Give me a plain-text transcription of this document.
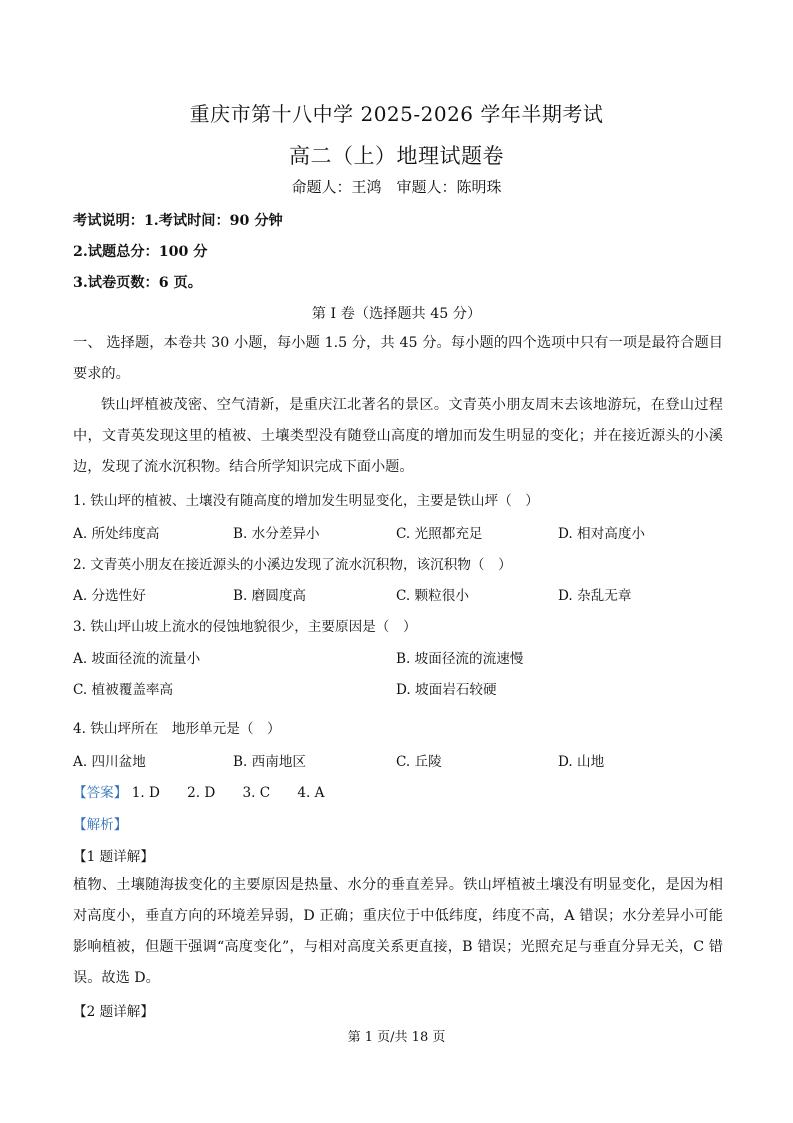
重庆市第十八中学 2025-2026 学年半期考试
高二（上）地理试题卷
命题人：王鸿　审题人：陈明珠
考试说明：1.考试时间：90 分钟
2.试题总分：100 分
3.试卷页数：6 页。
第 I 卷（选择题共 45 分）
一、 选择题，本卷共 30 小题，每小题 1.5 分，共 45 分。每小题的四个选项中只有一项是最符合题目要求的。
铁山坪植被茂密、空气清新，是重庆江北著名的景区。文青英小朋友周末去该地游玩，在登山过程中，文青英发现这里的植被、土壤类型没有随登山高度的增加而发生明显的变化；并在接近源头的小溪边，发现了流水沉积物。结合所学知识完成下面小题。
1. 铁山坪的植被、土壤没有随高度的增加发生明显变化，主要是铁山坪（　）
A. 所处纬度高	B. 水分差异小	C. 光照都充足	D. 相对高度小
2. 文青英小朋友在接近源头的小溪边发现了流水沉积物，该沉积物（　）
A. 分选性好	B. 磨圆度高	C. 颗粒很小	D. 杂乱无章
3. 铁山坪山坡上流水的侵蚀地貌很少，主要原因是（　）
A. 坡面径流的流量小	B. 坡面径流的流速慢
C. 植被覆盖率高	D. 坡面岩石较硬
4. 铁山坪所在　地形单元是（　）
A. 四川盆地	B. 西南地区	C. 丘陵	D. 山地
【答案】 1. D　　2. D　　3. C　　4. A
【解析】
【1 题详解】
植物、土壤随海拔变化的主要原因是热量、水分的垂直差异。铁山坪植被土壤没有明显变化，是因为相对高度小，垂直方向的环境差异弱，D 正确；重庆位于中低纬度，纬度不高，A 错误；水分差异小可能影响植被，但题干强调“高度变化”，与相对高度关系更直接，B 错误；光照充足与垂直分异无关，C 错误。故选 D。
【2 题详解】
第 1 页/共 18 页
